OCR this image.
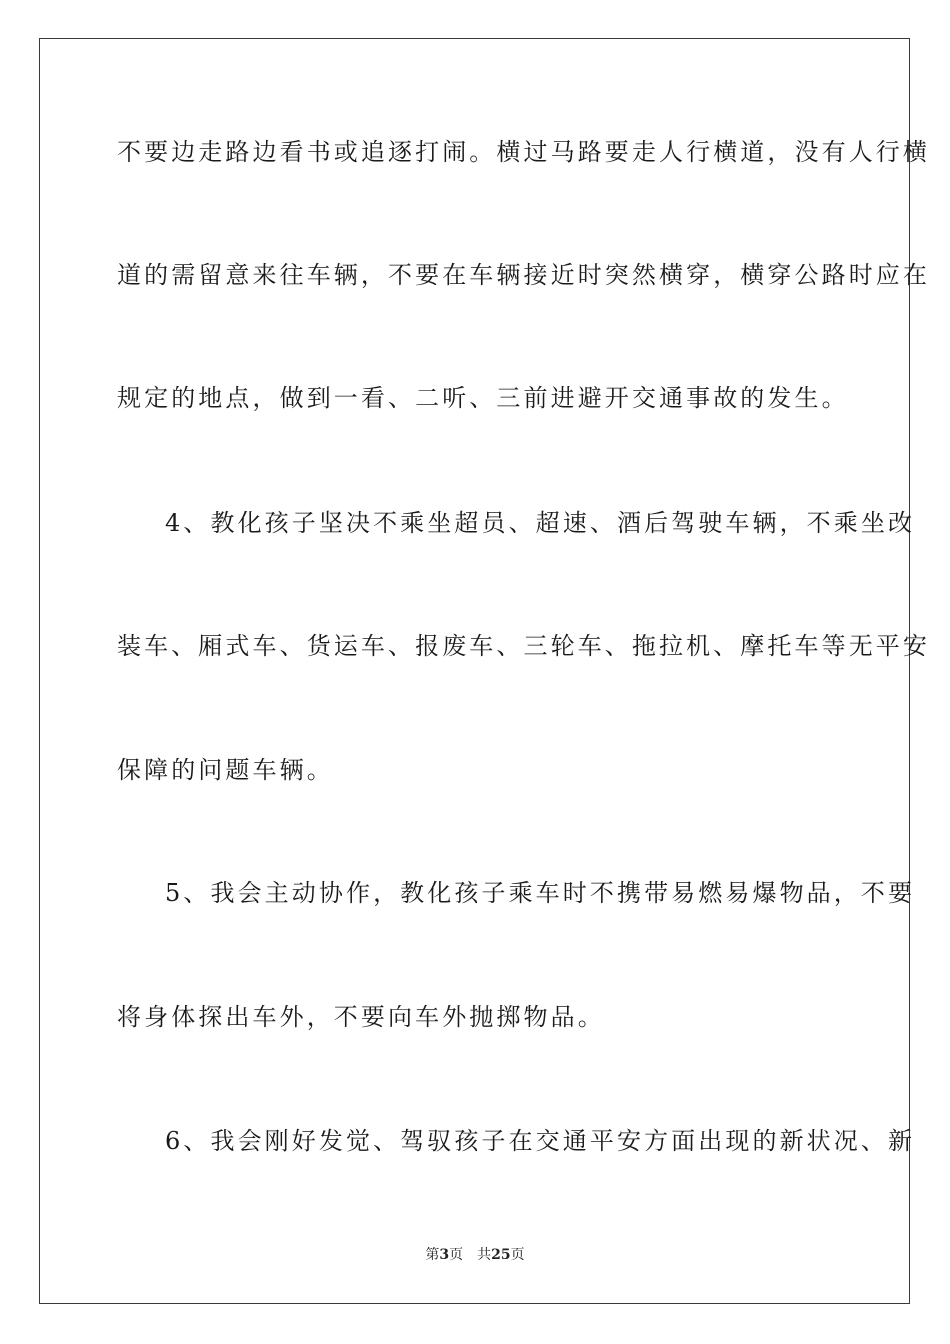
不要边走路边看书或追逐打闹。横过马路要走人行横道，没有人行横
道的需留意来往车辆，不要在车辆接近时突然横穿，横穿公路时应在
规定的地点，做到一看、二听、三前进避开交通事故的发生。
4、教化孩子坚决不乘坐超员、超速、酒后驾驶车辆，不乘坐改
装车、厢式车、货运车、报废车、三轮车、拖拉机、摩托车等无平安
保障的问题车辆。
5、我会主动协作，教化孩子乘车时不携带易燃易爆物品，不要
将身体探出车外，不要向车外抛掷物品。
6、我会刚好发觉、驾驭孩子在交通平安方面出现的新状况、新
第3页 共25页
